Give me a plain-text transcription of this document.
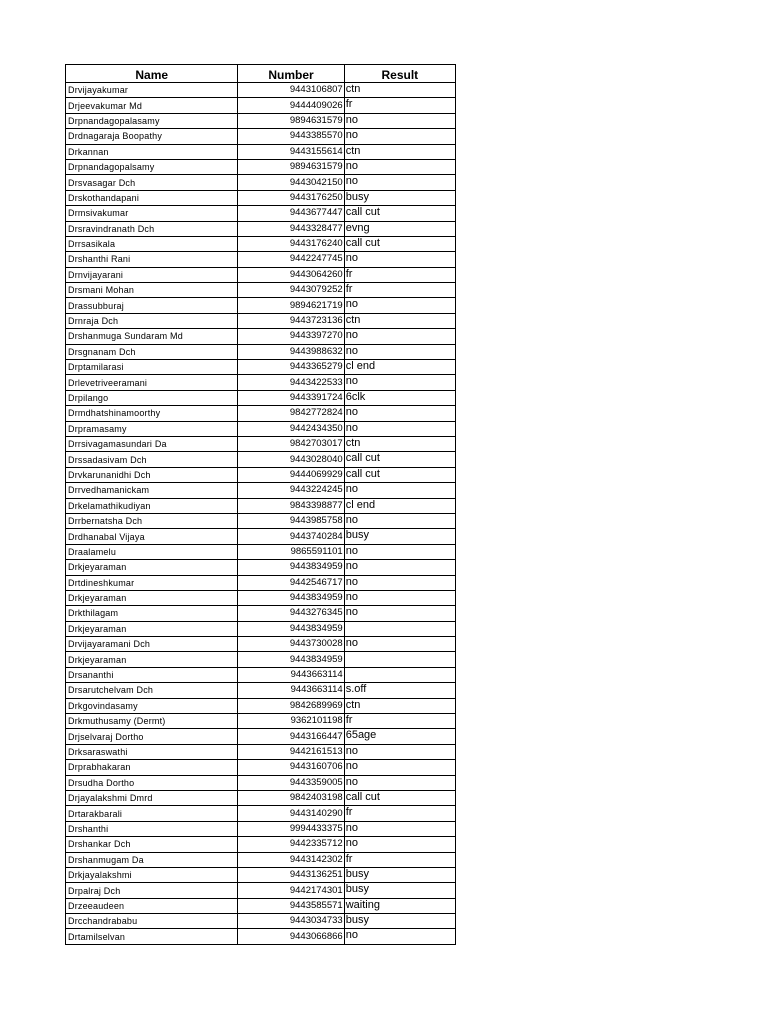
Name	Number	Result
Drvijayakumar	9443106807	ctn
Drjeevakumar Md	9444409026	fr
Drpnandagopalasamy	9894631579	no
Drdnagaraja Boopathy	9443385570	no
Drkannan	9443155614	ctn
Drpnandagopalsamy	9894631579	no
Drsvasagar Dch	9443042150	no
Drskothandapani	9443176250	busy
Drmsivakumar	9443677447	call cut
Drsravindranath Dch	9443328477	evng
Drrsasikala	9443176240	call cut
Drshanthi Rani	9442247745	no
Drnvijayarani	9443064260	fr
Drsmani Mohan	9443079252	fr
Drassubburaj	9894621719	no
Drnraja Dch	9443723136	ctn
Drshanmuga Sundaram Md	9443397270	no
Drsgnanam Dch	9443988632	no
Drptamilarasi	9443365279	cl end
Drlevetriveeramani	9443422533	no
Drpilango	9443391724	6clk
Drmdhatshinamoorthy	9842772824	no
Drpramasamy	9442434350	no
Drrsivagamasundari Da	9842703017	ctn
Drssadasivam Dch	9443028040	call cut
Drvkarunanidhi Dch	9444069929	call cut
Drrvedhamanickam	9443224245	no
Drkelamathikudiyan	9843398877	cl end
Drrbernatsha Dch	9443985758	no
Drdhanabal Vijaya	9443740284	busy
Draalamelu	9865591101	no
Drkjeyaraman	9443834959	no
Drtdineshkumar	9442546717	no
Drkjeyaraman	9443834959	no
Drkthilagam	9443276345	no
Drkjeyaraman	9443834959	
Drvijayaramani Dch	9443730028	no
Drkjeyaraman	9443834959	
Drsananthi	9443663114	
Drsarutchelvam Dch	9443663114	s.off
Drkgovindasamy	9842689969	ctn
Drkmuthusamy (Dermt)	9362101198	fr
Drjselvaraj Dortho	9443166447	65age
Drksaraswathi	9442161513	no
Drprabhakaran	9443160706	no
Drsudha Dortho	9443359005	no
Drjayalakshmi Dmrd	9842403198	call cut
Drtarakbarali	9443140290	fr
Drshanthi	9994433375	no
Drshankar Dch	9442335712	no
Drshanmugam Da	9443142302	fr
Drkjayalakshmi	9443136251	busy
Drpalraj Dch	9442174301	busy
Drzeeaudeen	9443585571	waiting
Drcchandrababu	9443034733	busy
Drtamilselvan	9443066866	no
